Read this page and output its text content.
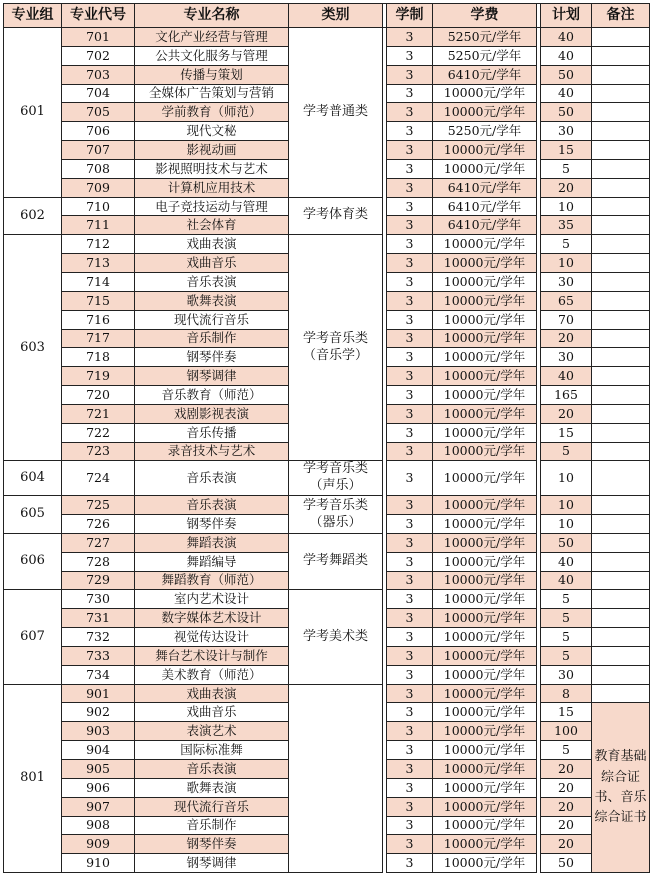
专业组	专业代号	专业名称	类别		学制	学费		计划	备注
601	701	文化产业经营与管理	学考普通类		3	5250元/学年		40	
	702	公共文化服务与管理			3	5250元/学年		40	
	703	传播与策划			3	6410元/学年		50	
	704	全媒体广告策划与营销			3	10000元/学年		40	
	705	学前教育（师范）			3	10000元/学年		50	
	706	现代文秘			3	5250元/学年		30	
	707	影视动画			3	10000元/学年		15	
	708	影视照明技术与艺术			3	10000元/学年		5	
	709	计算机应用技术			3	6410元/学年		20	
602	710	电子竞技运动与管理	学考体育类		3	6410元/学年		10	
	711	社会体育			3	6410元/学年		35	
603	712	戏曲表演	学考音乐类（音乐学）		3	10000元/学年		5	
	713	戏曲音乐			3	10000元/学年		10	
	714	音乐表演			3	10000元/学年		30	
	715	歌舞表演			3	10000元/学年		65	
	716	现代流行音乐			3	10000元/学年		70	
	717	音乐制作			3	10000元/学年		20	
	718	钢琴伴奏			3	10000元/学年		30	
	719	钢琴调律			3	10000元/学年		40	
	720	音乐教育（师范）			3	10000元/学年		165	
	721	戏剧影视表演			3	10000元/学年		20	
	722	音乐传播			3	10000元/学年		15	
	723	录音技术与艺术			3	10000元/学年		5	
604	724	音乐表演	学考音乐类（声乐）		3	10000元/学年		10	
605	725	音乐表演	学考音乐类（器乐）		3	10000元/学年		10	
	726	钢琴伴奏			3	10000元/学年		10	
606	727	舞蹈表演	学考舞蹈类		3	10000元/学年		50	
	728	舞蹈编导			3	10000元/学年		40	
	729	舞蹈教育（师范）			3	10000元/学年		40	
607	730	室内艺术设计	学考美术类		3	10000元/学年		5	
	731	数字媒体艺术设计			3	10000元/学年		5	
	732	视觉传达设计			3	10000元/学年		5	
	733	舞台艺术设计与制作			3	10000元/学年		5	
	734	美术教育（师范）			3	10000元/学年		30	
801	901	戏曲表演			3	10000元/学年		8	
	902	戏曲音乐			3	10000元/学年		15	教育基础综合证书、音乐综合证书
	903	表演艺术			3	10000元/学年		100	
	904	国际标准舞			3	10000元/学年		5	
	905	音乐表演			3	10000元/学年		20	
	906	歌舞表演			3	10000元/学年		20	
	907	现代流行音乐			3	10000元/学年		20	
	908	音乐制作			3	10000元/学年		20	
	909	钢琴伴奏			3	10000元/学年		20	
	910	钢琴调律			3	10000元/学年		50	
